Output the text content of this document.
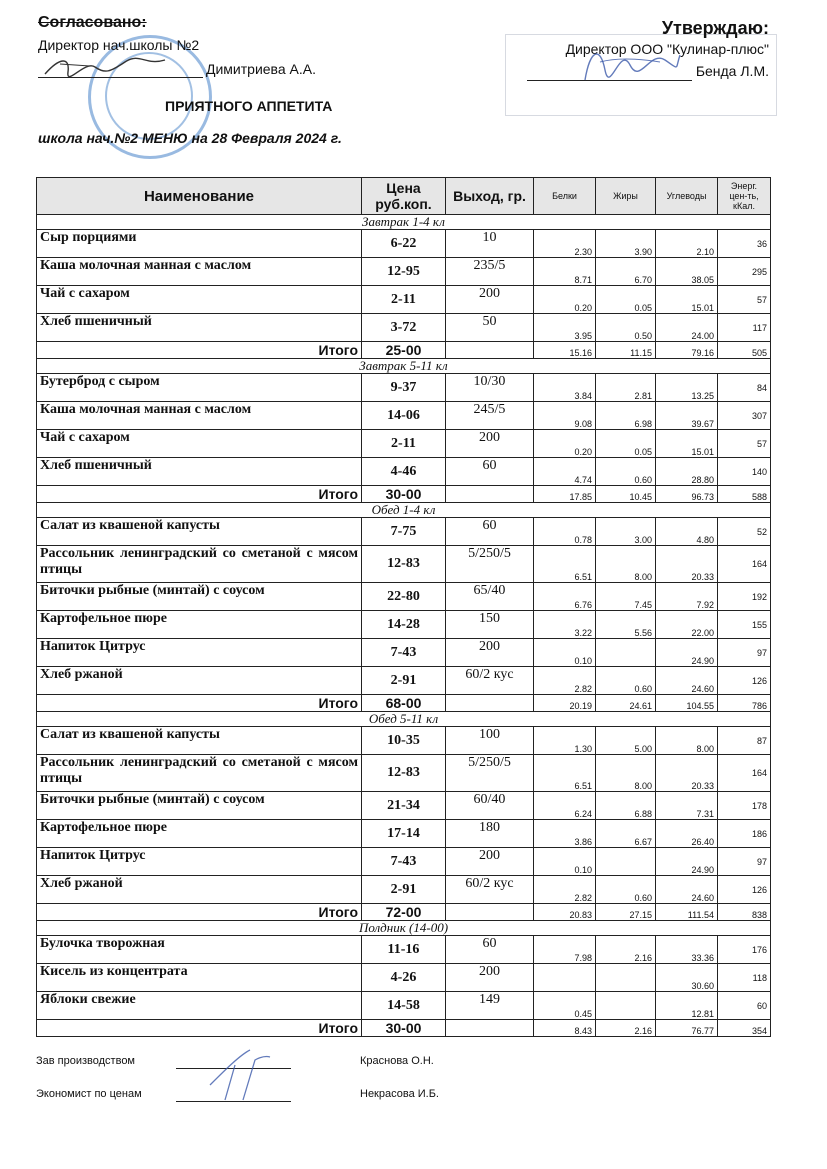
Согласовано:
Директор нач.школы №2
Димитриева А.А.
Утверждаю:
Директор ООО "Кулинар-плюс"
Бенда Л.М.
ПРИЯТНОГО АППЕТИТА
школа нач.№2 МЕНЮ на 28 Февраля 2024 г.
Наименование	Цена руб.коп.	Выход, гр.	Белки	Жиры	Углеводы	Энерг. цен-ть, кКал.
Завтрак 1-4 кл						
Сыр порциями	6-22	10	2.30	3.90	2.10	36
Каша молочная манная с маслом	12-95	235/5	8.71	6.70	38.05	295
Чай с сахаром	2-11	200	0.20	0.05	15.01	57
Хлеб пшеничный	3-72	50	3.95	0.50	24.00	117
Итого	25-00		15.16	11.15	79.16	505
Завтрак 5-11 кл						
Бутерброд с сыром	9-37	10/30	3.84	2.81	13.25	84
Каша молочная манная с маслом	14-06	245/5	9.08	6.98	39.67	307
Чай с сахаром	2-11	200	0.20	0.05	15.01	57
Хлеб пшеничный	4-46	60	4.74	0.60	28.80	140
Итого	30-00		17.85	10.45	96.73	588
Обед 1-4 кл						
Салат из квашеной капусты	7-75	60	0.78	3.00	4.80	52
Рассольник ленинградский со сметаной с мясом птицы	12-83	5/250/5	6.51	8.00	20.33	164
Биточки рыбные (минтай) с соусом	22-80	65/40	6.76	7.45	7.92	192
Картофельное пюре	14-28	150	3.22	5.56	22.00	155
Напиток Цитрус	7-43	200	0.10		24.90	97
Хлеб ржаной	2-91	60/2 кус	2.82	0.60	24.60	126
Итого	68-00		20.19	24.61	104.55	786
Обед 5-11 кл						
Салат из квашеной капусты	10-35	100	1.30	5.00	8.00	87
Рассольник ленинградский со сметаной с мясом птицы	12-83	5/250/5	6.51	8.00	20.33	164
Биточки рыбные (минтай) с соусом	21-34	60/40	6.24	6.88	7.31	178
Картофельное пюре	17-14	180	3.86	6.67	26.40	186
Напиток Цитрус	7-43	200	0.10		24.90	97
Хлеб ржаной	2-91	60/2 кус	2.82	0.60	24.60	126
Итого	72-00		20.83	27.15	111.54	838
Полдник (14-00)						
Булочка творожная	11-16	60	7.98	2.16	33.36	176
Кисель из концентрата	4-26	200			30.60	118
Яблоки свежие	14-58	149	0.45		12.81	60
Итого	30-00		8.43	2.16	76.77	354
Зав производством	Краснова О.Н.
Экономист по ценам	Некрасова И.Б.
